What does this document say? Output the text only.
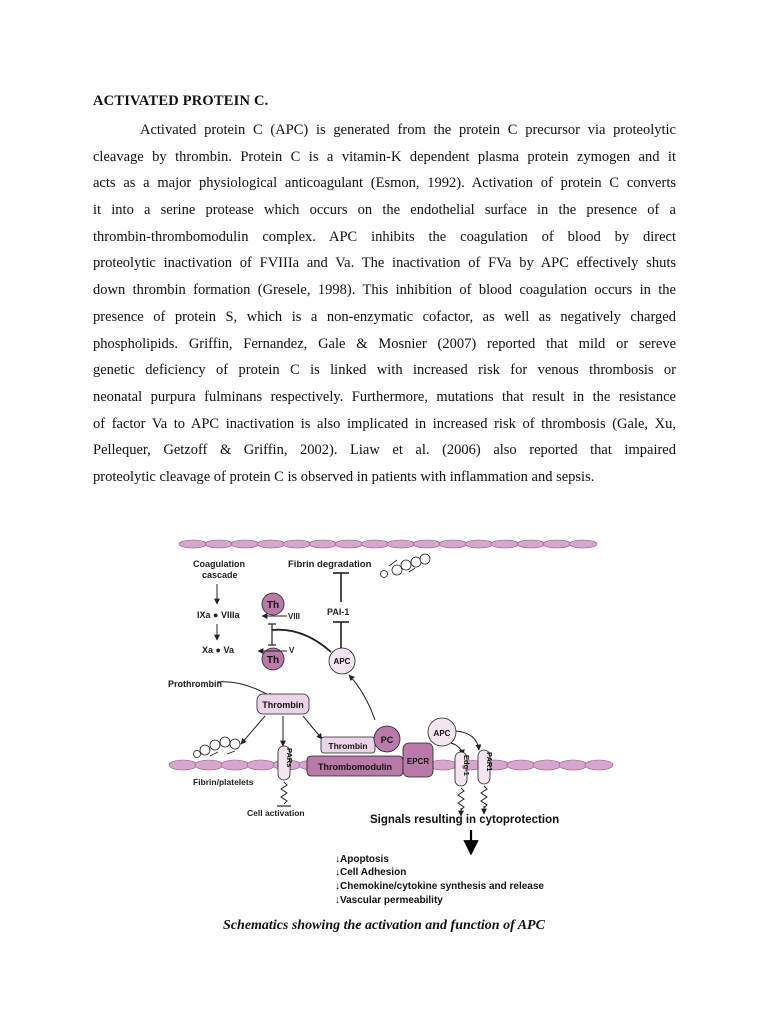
ACTIVATED PROTEIN C.
Activated protein C (APC) is generated from the protein C precursor via proteolytic
cleavage by thrombin. Protein C is a vitamin-K dependent plasma protein zymogen and it
acts as a major physiological anticoagulant (Esmon, 1992). Activation of protein C converts
it into a serine protease which occurs on the endothelial surface in the presence of a
thrombin-thrombomodulin complex. APC inhibits the coagulation of blood by direct
proteolytic inactivation of FVIIIa and Va. The inactivation of FVa by APC effectively shuts
down thrombin formation (Gresele, 1998). This inhibition of blood coagulation occurs in the
presence of protein S, which is a non-enzymatic cofactor, as well as negatively charged
phospholipids. Griffin, Fernandez, Gale & Mosnier (2007) reported that mild or sereve
genetic deficiency of protein C is linked with increased risk for venous thrombosis or
neonatal purpura fulminans respectively. Furthermore, mutations that result in the resistance
of factor Va to APC inactivation is also implicated in increased risk of thrombosis (Gale, Xu,
Pellequer, Getzoff & Griffin, 2002). Liaw et al. (2006) also reported that impaired
proteolytic cleavage of protein C is observed in patients with inflammation and sepsis.
Coagulation cascade
IXa ● VIIIa
Xa ● Va
Th
Th
VIII
V
Fibrin degradation
PAI-1
APC
Prothrombin
Thrombin
Thrombin
PC
Thrombomodulin
EPCR
APC
PARs	Edg-1 PAR1
Fibrin/platelets
Cell activation
Signals resulting in cytoprotection
↓Apoptosis
↓Cell Adhesion
↓Chemokine/cytokine synthesis and release
↓Vascular permeability
Schematics showing the activation and function of APC
